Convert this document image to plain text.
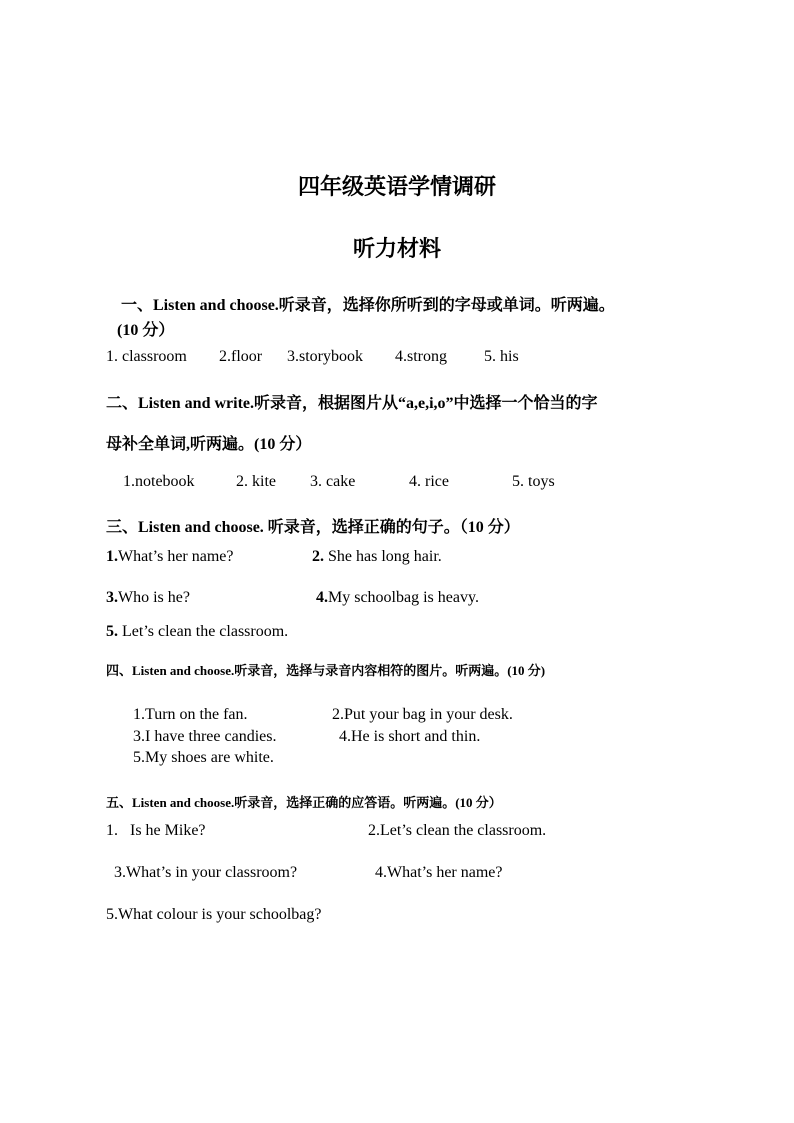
四年级英语学情调研
听力材料
一、Listen and choose.听录音，选择你所听到的字母或单词。听两遍。
(10 分）
1. classroom 2.floor 3.storybook 4.strong 5. his
二、Listen and write.听录音，根据图片从“a,e,i,o”中选择一个恰当的字
母补全单词,听两遍。(10 分）
1.notebook	2. kite 3. cake	4. rice	5. toys
三、Listen and choose. 听录音，选择正确的句子。（10 分）
1.What’s her name?	2. She has long hair.
3.Who is he?	4.My schoolbag is heavy.
5. Let’s clean the classroom.
四、Listen and choose.听录音，选择与录音内容相符的图片。听两遍。(10 分)
1.Turn on the fan.	2.Put your bag in your desk.
3.I have three candies.	4.He is short and thin.
5.My shoes are white.
五、Listen and choose.听录音，选择正确的应答语。听两遍。(10 分）
1.   Is he Mike?	2.Let’s clean the classroom.
3.What’s in your classroom?	4.What’s her name?
5.What colour is your schoolbag?
